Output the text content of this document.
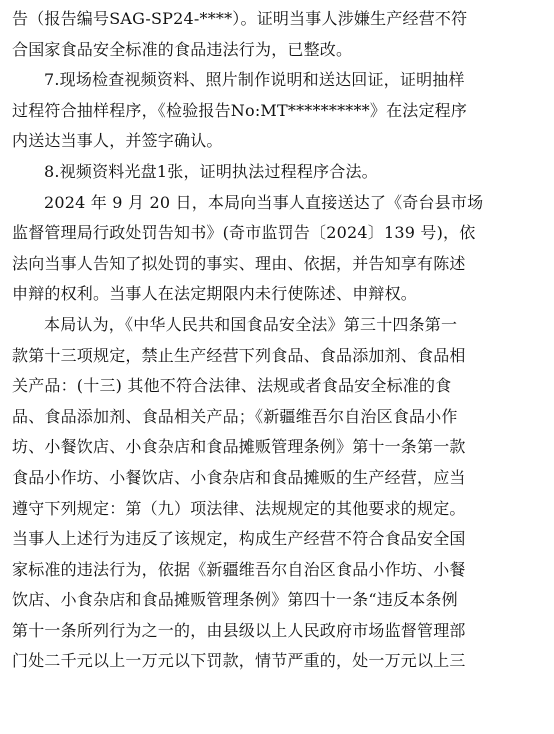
告（报告编号SAG-SP24-****）。证明当事人涉嫌生产经营不符
合国家食品安全标准的食品违法行为，已整改。
7.现场检查视频资料、照片制作说明和送达回证，证明抽样
过程符合抽样程序，《检验报告No:MT**********》在法定程序
内送达当事人，并签字确认。
8.视频资料光盘1张，证明执法过程程序合法。
2024 年 9 月 20 日，本局向当事人直接送达了《奇台县市场
监督管理局行政处罚告知书》(奇市监罚告〔2024〕139 号)，依
法向当事人告知了拟处罚的事实、理由、依据，并告知享有陈述
申辩的权利。当事人在法定期限内未行使陈述、申辩权。
本局认为，《中华人民共和国食品安全法》第三十四条第一
款第十三项规定，禁止生产经营下列食品、食品添加剂、食品相
关产品：(十三) 其他不符合法律、法规或者食品安全标准的食
品、食品添加剂、食品相关产品；《新疆维吾尔自治区食品小作
坊、小餐饮店、小食杂店和食品摊贩管理条例》第十一条第一款
食品小作坊、小餐饮店、小食杂店和食品摊贩的生产经营，应当
遵守下列规定：第（九）项法律、法规规定的其他要求的规定。
当事人上述行为违反了该规定，构成生产经营不符合食品安全国
家标准的违法行为，依据《新疆维吾尔自治区食品小作坊、小餐
饮店、小食杂店和食品摊贩管理条例》第四十一条“违反本条例
第十一条所列行为之一的，由县级以上人民政府市场监督管理部
门处二千元以上一万元以下罚款，情节严重的，处一万元以上三
